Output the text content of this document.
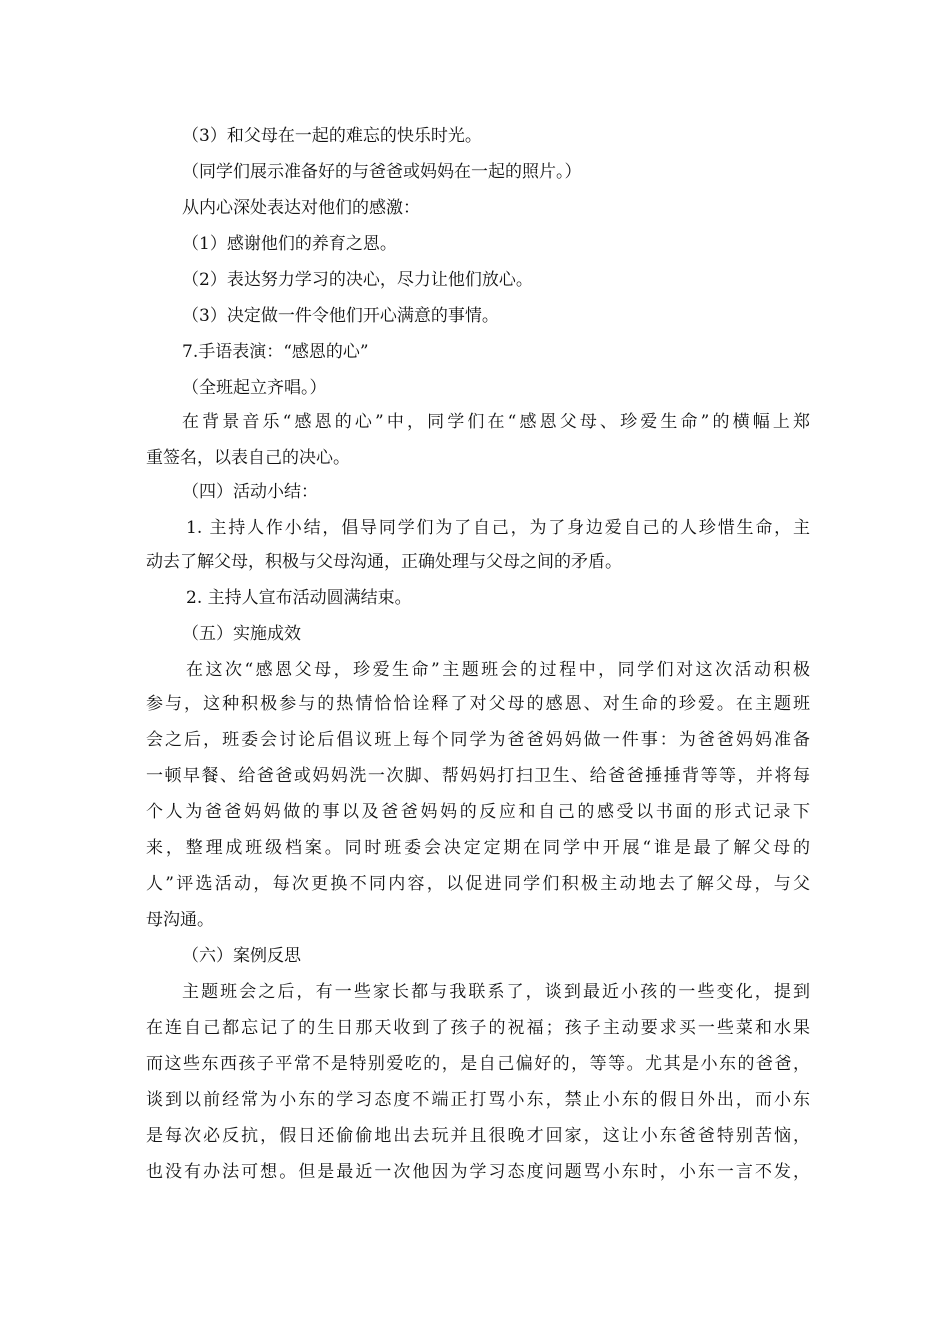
（3）和父母在一起的难忘的快乐时光。
（同学们展示准备好的与爸爸或妈妈在一起的照片。）
从内心深处表达对他们的感激：
（1）感谢他们的养育之恩。
（2）表达努力学习的决心，尽力让他们放心。
（3）决定做一件令他们开心满意的事情。
7.手语表演：“感恩的心”
（全班起立齐唱。）
在背景音乐“感恩的心”中，同学们在“感恩父母、珍爱生命”的横幅上郑
重签名，以表自己的决心。
（四）活动小结：
1. 主持人作小结，倡导同学们为了自己，为了身边爱自己的人珍惜生命，主
动去了解父母，积极与父母沟通，正确处理与父母之间的矛盾。
2. 主持人宣布活动圆满结束。
（五）实施成效
在这次“感恩父母，珍爱生命”主题班会的过程中，同学们对这次活动积极
参与，这种积极参与的热情恰恰诠释了对父母的感恩、对生命的珍爱。在主题班
会之后，班委会讨论后倡议班上每个同学为爸爸妈妈做一件事：为爸爸妈妈准备
一顿早餐、给爸爸或妈妈洗一次脚、帮妈妈打扫卫生、给爸爸捶捶背等等，并将每
个人为爸爸妈妈做的事以及爸爸妈妈的反应和自己的感受以书面的形式记录下
来，整理成班级档案。同时班委会决定定期在同学中开展“谁是最了解父母的
人”评选活动，每次更换不同内容，以促进同学们积极主动地去了解父母，与父
母沟通。
（六）案例反思
主题班会之后，有一些家长都与我联系了，谈到最近小孩的一些变化，提到
在连自己都忘记了的生日那天收到了孩子的祝福；孩子主动要求买一些菜和水果
而这些东西孩子平常不是特别爱吃的，是自己偏好的，等等。尤其是小东的爸爸，
谈到以前经常为小东的学习态度不端正打骂小东，禁止小东的假日外出，而小东
是每次必反抗，假日还偷偷地出去玩并且很晚才回家，这让小东爸爸特别苦恼，
也没有办法可想。但是最近一次他因为学习态度问题骂小东时，小东一言不发，
